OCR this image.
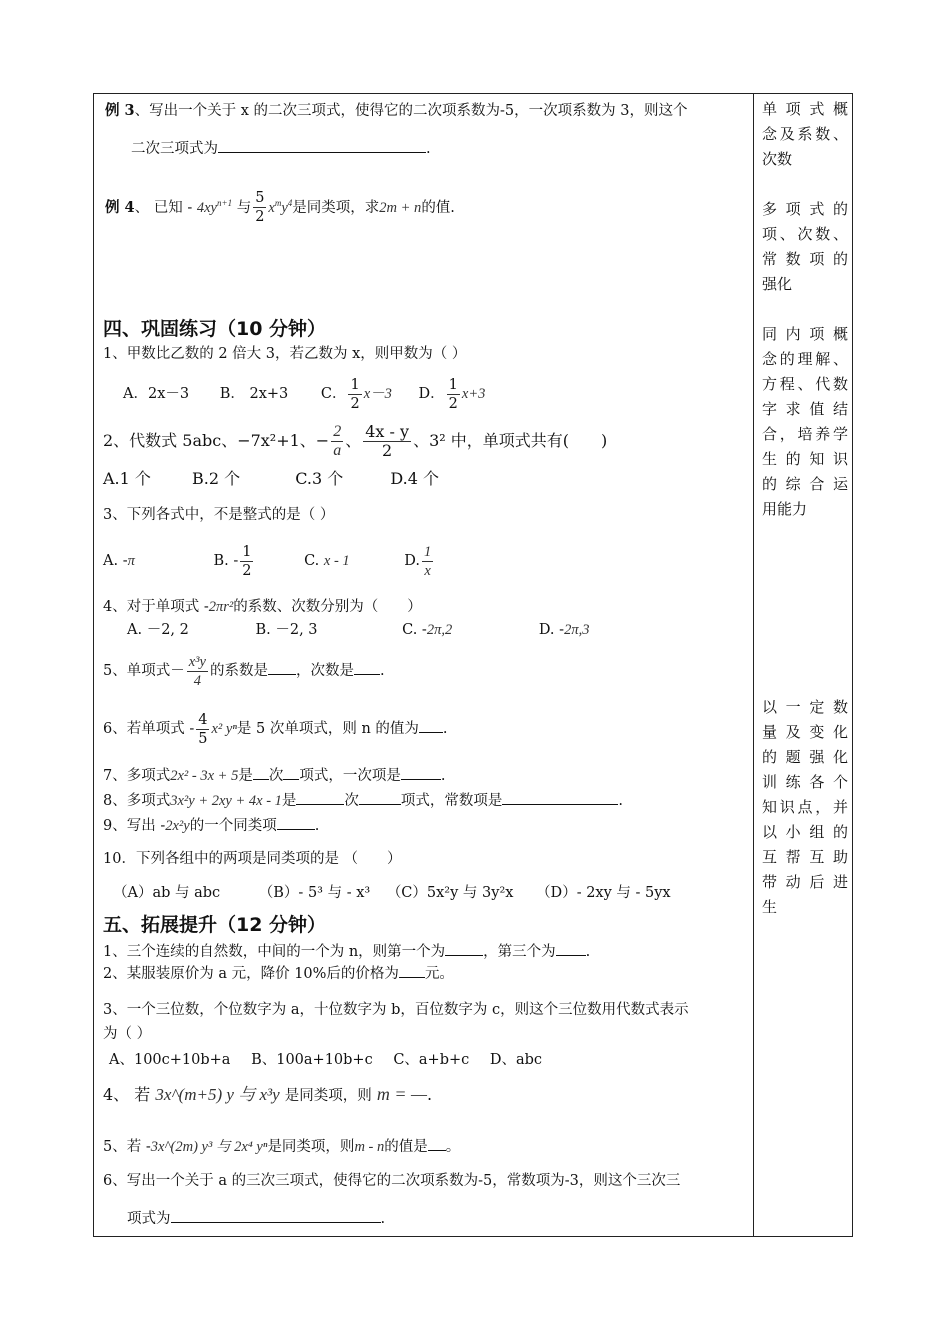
例 3、写出一个关于 x 的二次三项式，使得它的二次项系数为-5，一次项系数为 3，则这个
二次三项式为	.
例 4、 已知 - $4xy^{n+1}$ 与 $\frac{5}{2} x^my^4$是同类项，求2m + n的值.
四、巩固练习（10 分钟）
1、甲数比乙数的 2 倍大 3，若乙数为 x，则甲数为（ ）
A．2x－3 B． 2x+3 C． $\frac{1}{2} x-3$ D． $\frac{1}{2} x+3$
2、代数式 5abc、−7x²+1、− $\frac{2}{a}$ 、 $\frac{4x - y}{2}$ 、3² 中，单项式共有(　　)
A.1 个	B.2 个	C.3 个	D.4 个
3、下列各式中，不是整式的是（ ）
A. -π	B. - $\frac{1}{2}$	C. x - 1	D. $\frac{1}{x}$
4、对于单项式 -2πr²的系数、次数分别为（　　）
A. －2, 2	B. －2, 3	C. -2π,2	D. -2π,3
5、单项式－ $\frac{\text{x³y}}{4}$ 的系数是 ，次数是 .
6、若单项式 - $\frac{4}{5} x^2$ yⁿ是 5 次单项式，则 n 的值为 .
7、多项式2x² - 3x + 5是 次 项式，一次项是	.
8、多项式3x²y + 2xy + 4x - 1是	次	项式，常数项是	.
9、写出 -2x²y的一个同类项	.
10．下列各组中的两项是同类项的是 （　　）
（A）ab 与 abc	（B）- 5³ 与 - x³ （C）5x²y 与 3y²x （D）- 2xy 与 - 5yx
五、拓展提升（12 分钟）
1、三个连续的自然数，中间的一个为 n，则第一个为	，第三个为 .
2、某服装原价为 a 元，降价 10%后的价格为 元。
3、一个三位数，个位数字为 a，十位数字为 b，百位数字为 c，则这个三位数用代数式表示
为（ ）
A、100c+10b+a B、100a+10b+c C、a+b+c D、abc
4、 若 3x^(m+5) y 与 x³y 是同类项，则 m = —.
5、若 -3x^(2m) y³ 与 2x⁴ yⁿ是同类项，则m - n的值是 。
6、写出一个关于 a 的三次三项式，使得它的二次项系数为-5，常数项为-3，则这个三次三
项式为	.
单 项 式 概
念及系数、
次数
多 项 式 的
项、次数、
常 数 项 的
强化
同 内 项 概
念的理解、
方程、代数
字 求 值 结
合，培养学
生 的 知 识
的 综 合 运
用能力
以 一 定 数
量 及 变 化
的 题 强 化
训 练 各 个
知识点，并
以 小 组 的
互 帮 互 助
带 动 后 进
生
